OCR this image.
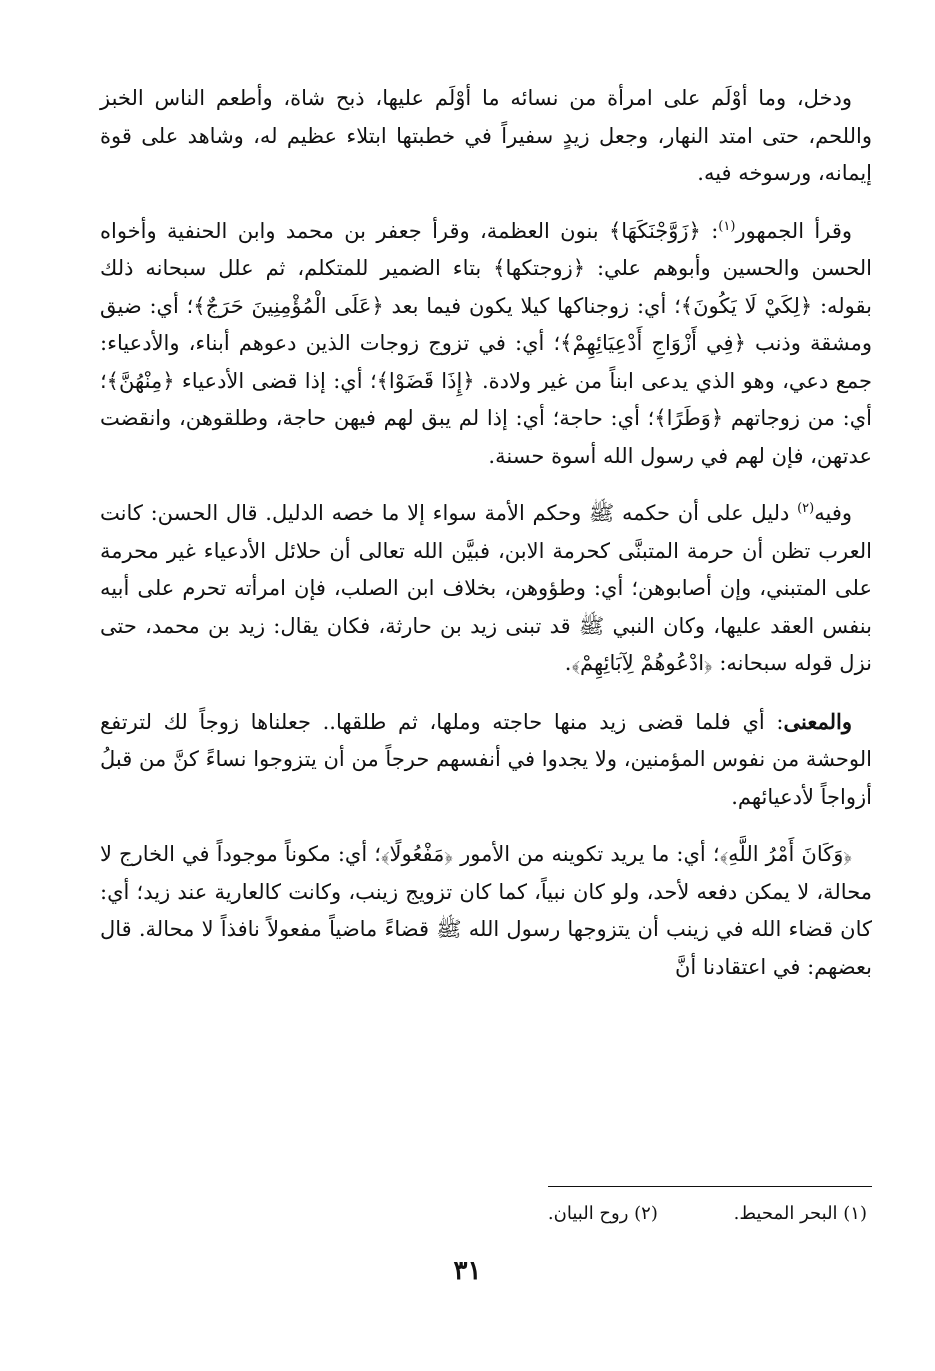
ودخل، وما أوْلَم على امرأة من نسائه ما أوْلَم عليها، ذبح شاة، وأطعم الناس الخبز واللحم، حتى امتد النهار، وجعل زيدٍ سفيراً في خطبتها ابتلاء عظيم له، وشاهد على قوة إيمانه، ورسوخه فيه.

وقرأ الجمهور$^{(١)}$: ﴿زَوَّجْنَكَهَا﴾ بنون العظمة، وقرأ جعفر بن محمد وابن الحنفية وأخواه الحسن والحسين وأبوهم علي: ﴿زوجتكها﴾ بتاء الضمير للمتكلم، ثم علل سبحانه ذلك بقوله: ﴿لِكَيْ لَا يَكُونَ﴾؛ أي: زوجناكها كيلا يكون فيما بعد ﴿عَلَى الْمُؤْمِنِينَ حَرَجٌ﴾؛ أي: ضيق ومشقة وذنب ﴿فِي أَزْوَاجِ أَدْعِيَائِهِمْ﴾؛ أي: في تزوج زوجات الذين دعوهم أبناء، والأدعياء: جمع دعي، وهو الذي يدعى ابناً من غير ولادة. ﴿إِذَا قَضَوْا﴾؛ أي: إذا قضى الأدعياء ﴿مِنْهُنَّ﴾؛ أي: من زوجاتهم ﴿وَطَرًا﴾؛ أي: حاجة؛ أي: إذا لم يبق لهم فيهن حاجة، وطلقوهن، وانقضت عدتهن، فإن لهم في رسول الله أسوة حسنة.

وفيه$^{(٢)}$ دليل على أن حكمه ﷺ وحكم الأمة سواء إلا ما خصه الدليل. قال الحسن: كانت العرب تظن أن حرمة المتبنَّى كحرمة الابن، فبيَّن الله تعالى أن حلائل الأدعياء غير محرمة على المتبني، وإن أصابوهن؛ أي: وطؤوهن، بخلاف ابن الصلب، فإن امرأته تحرم على أبيه بنفس العقد عليها، وكان النبي ﷺ قد تبنى زيد بن حارثة، فكان يقال: زيد بن محمد، حتى نزل قوله سبحانه: ﴿ادْعُوهُمْ لِآبَائِهِمْ﴾.

والمعنى: أي فلما قضى زيد منها حاجته وملها، ثم طلقها.. جعلناها زوجاً لك لترتفع الوحشة من نفوس المؤمنين، ولا يجدوا في أنفسهم حرجاً من أن يتزوجوا نساءً كنَّ من قبلُ أزواجاً لأدعيائهم.

﴿وَكَانَ أَمْرُ اللَّهِ﴾؛ أي: ما يريد تكوينه من الأمور ﴿مَفْعُولًا﴾؛ أي: مكوناً موجوداً في الخارج لا محالة، لا يمكن دفعه لأحد، ولو كان نبياً، كما كان تزويج زينب، وكانت كالعارية عند زيد؛ أي: كان قضاء الله في زينب أن يتزوجها رسول الله ﷺ قضاءً ماضياً مفعولاً نافذاً لا محالة. قال بعضهم: في اعتقادنا أنَّ

(١) البحر المحيط. (٢) روح البيان.
٣١
